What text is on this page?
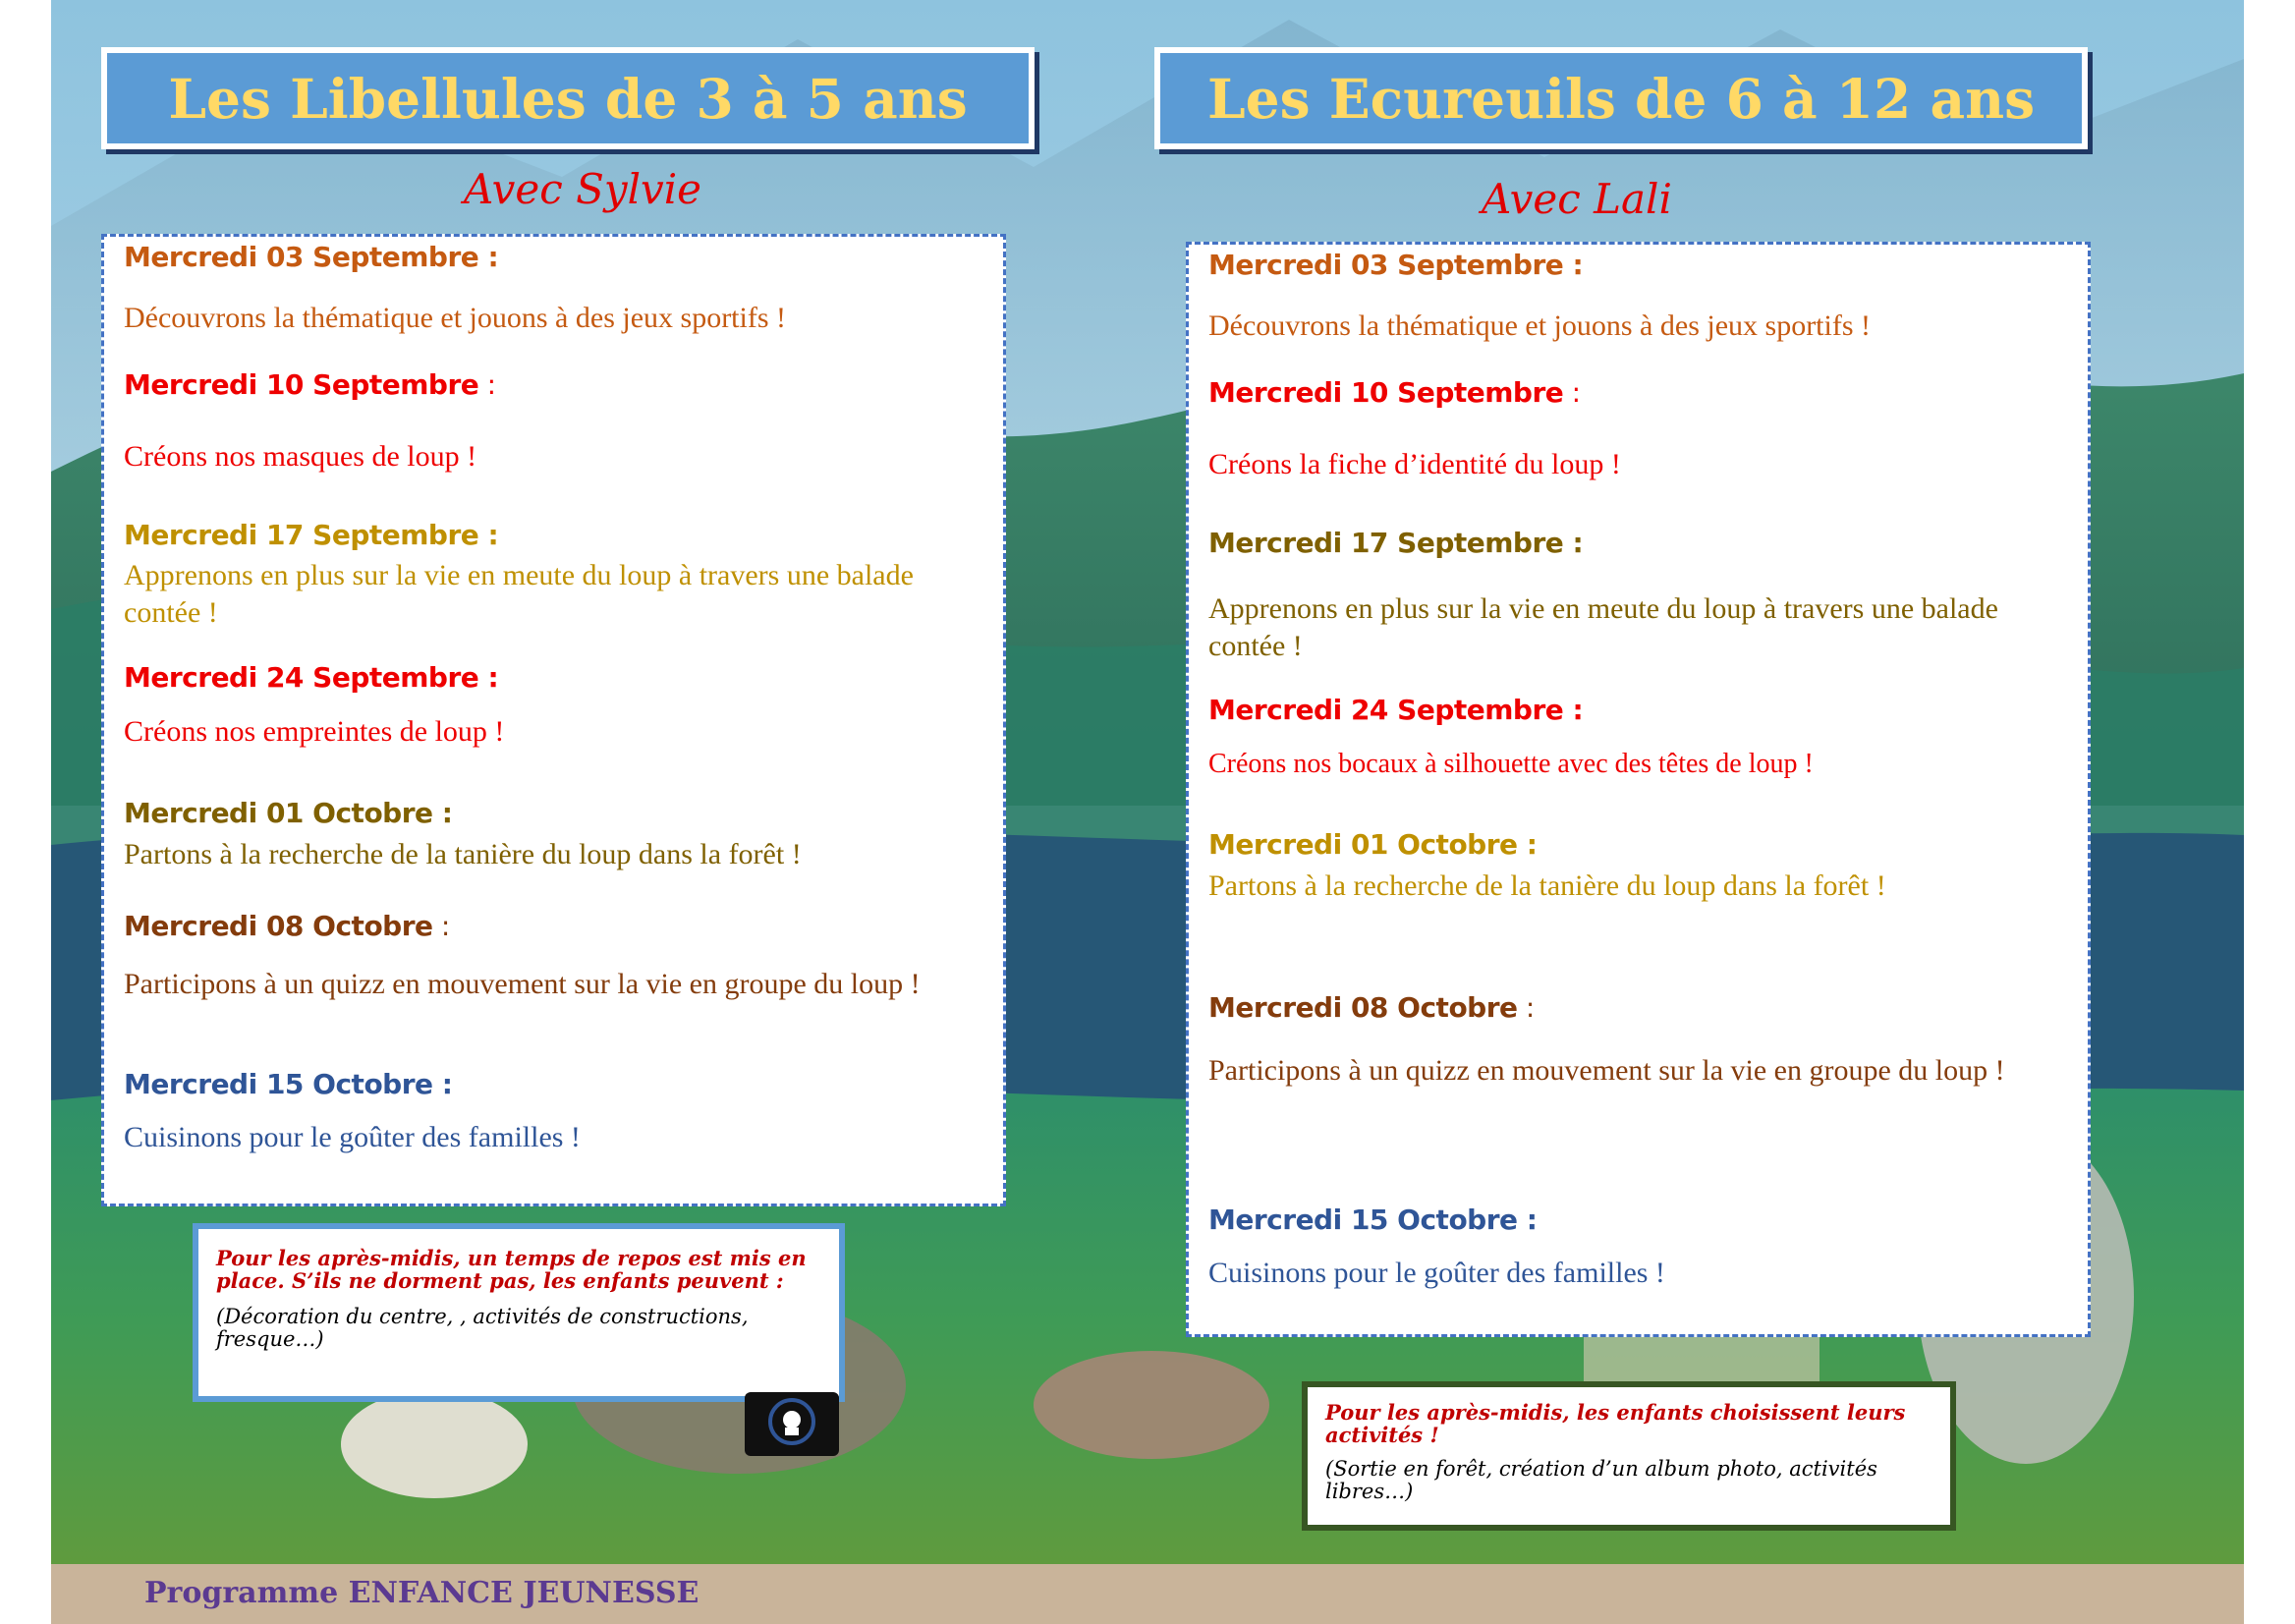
Les Libellules de 3 à 5 ans
Avec Sylvie
Mercredi 03 Septembre :
Découvrons la thématique et jouons à des jeux sportifs !
Mercredi 10 Septembre :
Créons nos masques de loup !
Mercredi 17 Septembre :
Apprenons en plus sur la vie en meute du loup à travers une balade contée !
Mercredi 24 Septembre :
Créons nos empreintes de loup !
Mercredi 01 Octobre :
Partons à la recherche de la tanière du loup dans la forêt !
Mercredi 08 Octobre :
Participons à un quizz en mouvement sur la vie en groupe du loup !
Mercredi 15 Octobre :
Cuisinons pour le goûter des familles !
Pour les après-midis, un temps de repos est mis en place. S’ils ne dorment pas, les enfants peuvent :
(Décoration du centre, , activités de constructions, fresque…)
Les Ecureuils de 6 à 12 ans
Avec Lali
Mercredi 03 Septembre :
Découvrons la thématique et jouons à des jeux sportifs !
Mercredi 10 Septembre :
Créons la fiche d’identité du loup !
Mercredi 17 Septembre :
Apprenons en plus sur la vie en meute du loup à travers une balade contée !
Mercredi 24 Septembre :
Créons nos bocaux à silhouette avec des têtes de loup !
Mercredi 01 Octobre :
Partons à la recherche de la tanière du loup dans la forêt !
Mercredi 08 Octobre :
Participons à un quizz en mouvement sur la vie en groupe du loup !
Mercredi 15 Octobre :
Cuisinons pour le goûter des familles !
Pour les après-midis, les enfants choisissent leurs activités !
(Sortie en forêt, création d’un album photo, activités libres…)
Programme ENFANCE JEUNESSE
